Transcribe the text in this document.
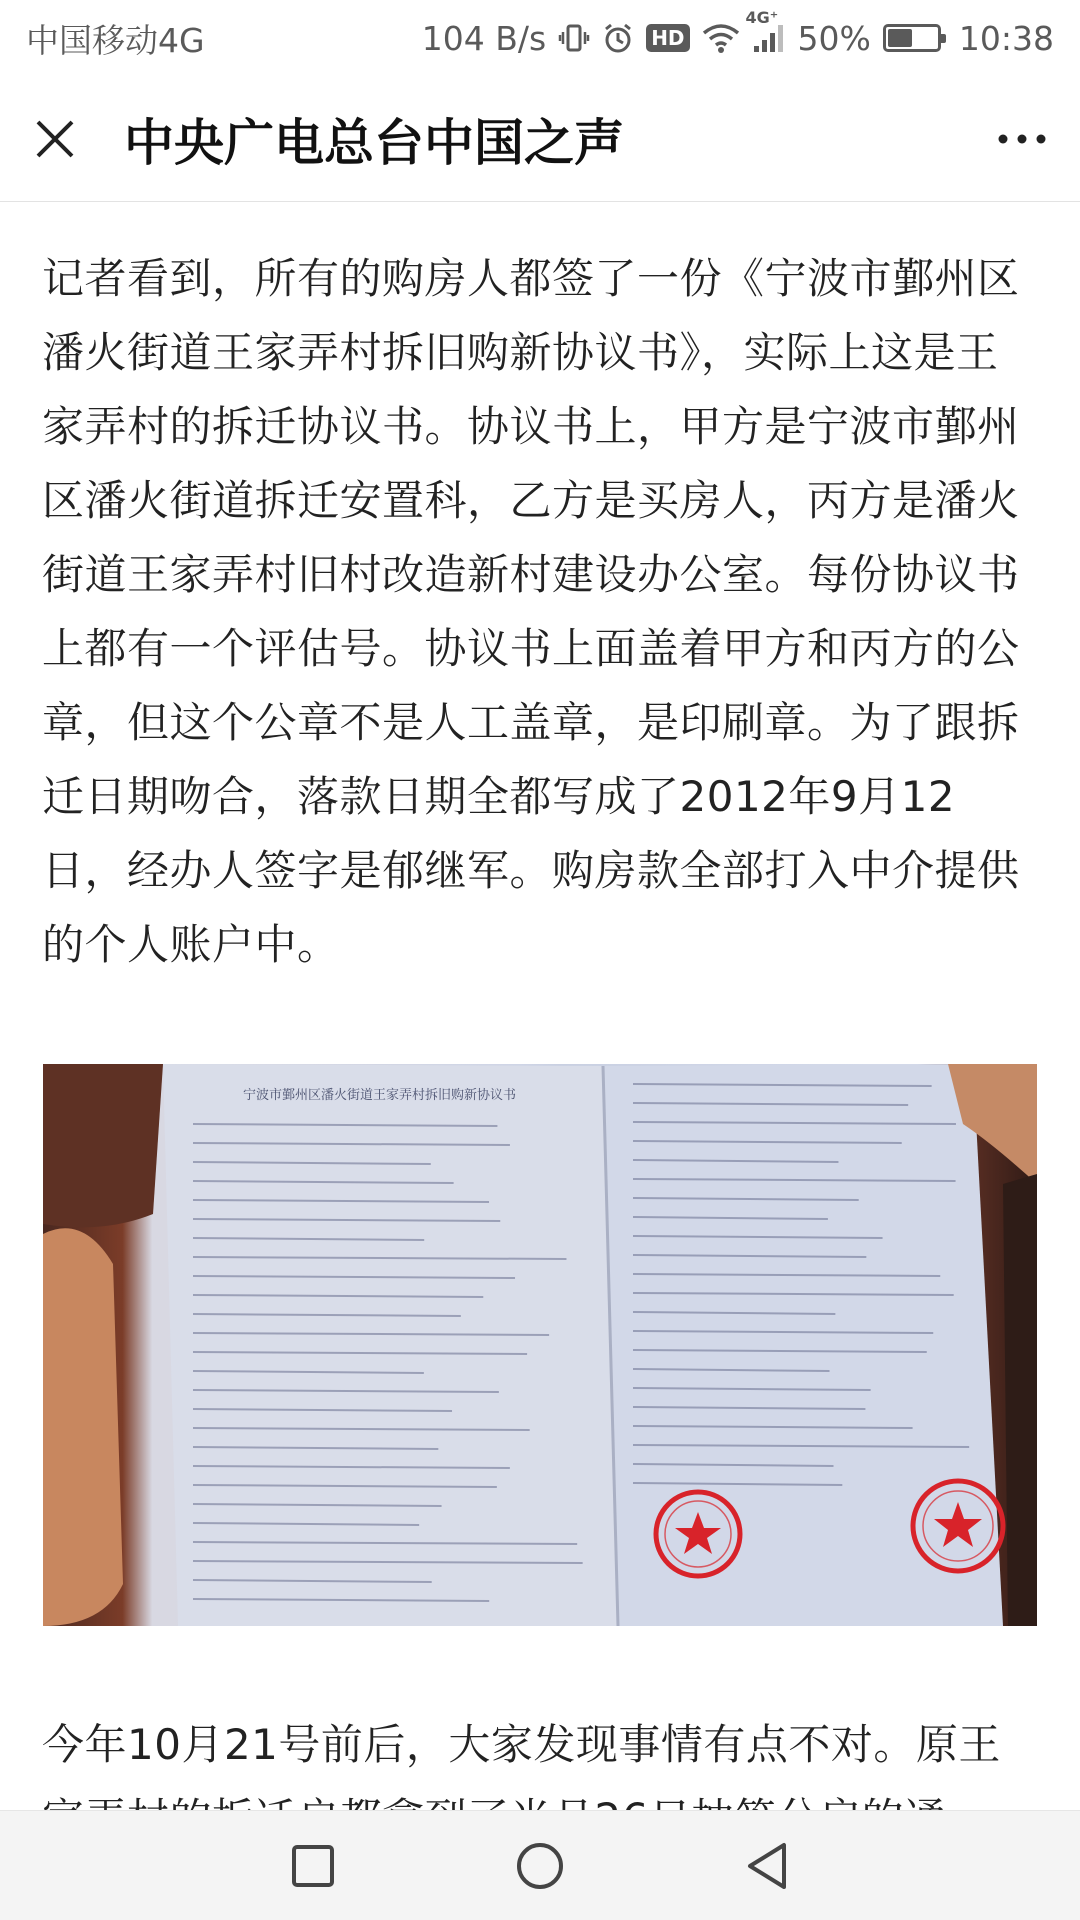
中国移动4G	104 B/s	HD
4G⁺
50%	10:38
中央广电总台中国之声

记者看到，所有的购房人都签了一份《宁波市鄞州区潘火街道王家弄村拆旧购新协议书》，实际上这是王家弄村的拆迁协议书。协议书上，甲方是宁波市鄞州区潘火街道拆迁安置科，乙方是买房人，丙方是潘火街道王家弄村旧村改造新村建设办公室。每份协议书上都有一个评估号。协议书上面盖着甲方和丙方的公章，但这个公章不是人工盖章，是印刷章。为了跟拆迁日期吻合，落款日期全都写成了2012年9月12日，经办人签字是郁继军。购房款全部打入中介提供的个人账户中。

宁波市鄞州区潘火街道王家弄村拆旧购新协议书

今年10月21号前后，大家发现事情有点不对。原王
